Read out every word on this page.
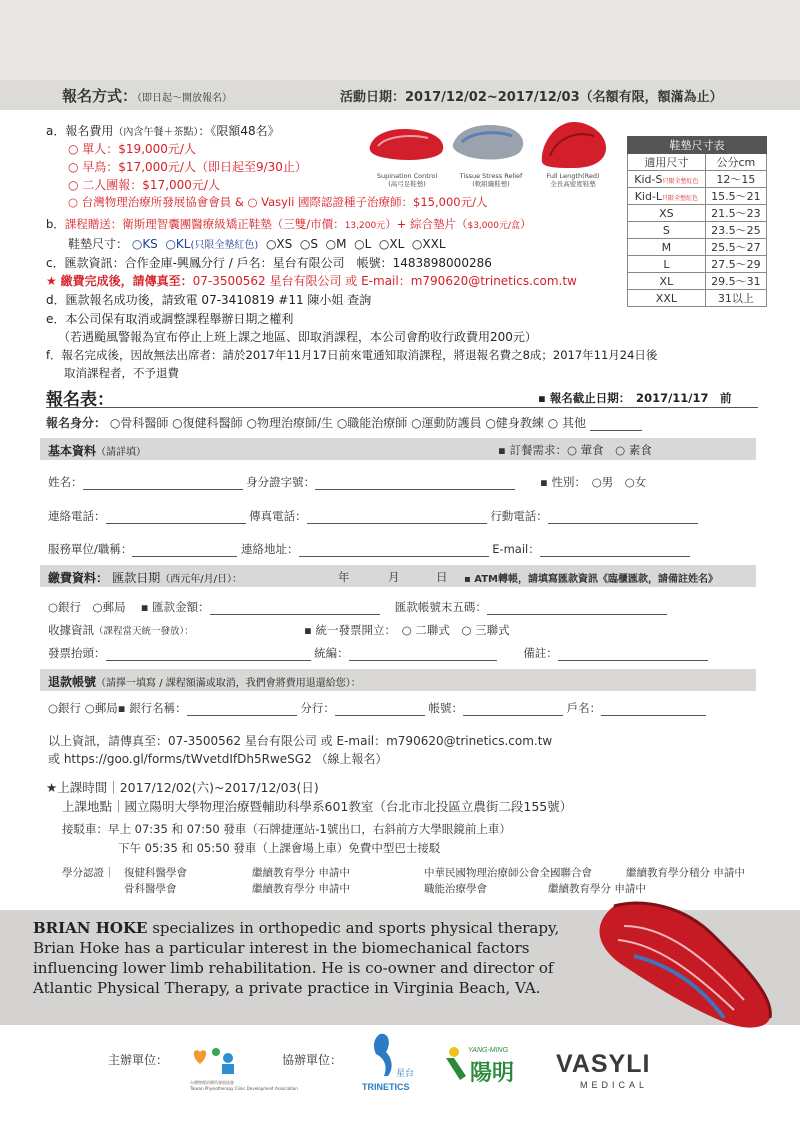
報名方式：（即日起～開放報名）	活動日期：2017/12/02~2017/12/03（名額有限，額滿為止）
a．報名費用（內含午餐＋茶點）：《限額48名》
○ 單人：$19,000元/人
○ 早鳥：$17,000元/人（即日起至9/30止）
○ 二人團報：$17,000元/人
○ 台灣物理治療所發展協會會員 & ○ Vasyli 國際認證種子治療師：$15,000元/人
Supination Control
(高弓足鞋墊)
Tissue Stress Relief
(軟組織鞋墊)
Full Length(Red)
全長高密度鞋墊
鞋墊尺寸表	
適用尺寸	公分cm
Kid-S只限全墊紅色	12～15
Kid-L只限全墊紅色	15.5～21
XS	21.5～23
S	23.5～25
M	25.5～27
L	27.5～29
XL	29.5～31
XXL	31以上
b．課程贈送：衛斯理智囊團醫療級矯正鞋墊（三雙/市價：13,200元）+ 綜合墊片（$3,000元/盒）
鞋墊尺寸： ○KS ○KL(只限全墊紅色) ○XS ○S ○M ○L ○XL ○XXL
c．匯款資訊：合作金庫-興鳳分行 / 戶名：星台有限公司　帳號：1483898000286
★ 繳費完成後，請傳真至：07-3500562 星台有限公司 或 E-mail：m790620@trinetics.com.tw
d．匯款報名成功後，請致電 07-3410819 #11 陳小姐 查詢
e．本公司保有取消或調整課程舉辦日期之權利
（若遇颱風警報為宣布停止上班上課之地區、即取消課程，本公司會酌收行政費用200元）
f．報名完成後，因故無法出席者：請於2017年11月17日前來電通知取消課程，將退報名費之8成；2017年11月24日後
取消課程者，不予退費
報名表：	▪ 報名截止日期：　2017/11/17　前
報名身分： ○骨科醫師 ○復健科醫師 ○物理治療師/生 ○職能治療師 ○運動防護員 ○健身教練 ○ 其他
基本資料（請詳填）	▪ 訂餐需求：○ 葷食　○ 素食
姓名：	身分證字號：	▪ 性別：　○男　○女
連絡電話：	傳真電話：	行動電話：
服務單位/職稱：	連絡地址：	E-mail：
繳費資料： 匯款日期（西元年/月/日）：	年	月	日 ▪ ATM轉帳，請填寫匯款資訊《臨櫃匯款，請備註姓名》
○銀行　○郵局 　▪ 匯款金額： 　	匯款帳號末五碼：
收據資訊（課程當天統一發放）：	▪ 統一發票開立：　○ 二聯式　○ 三聯式
發票抬頭：	統編： 　　	備註：
退款帳號（請擇一填寫 / 課程額滿或取消，我們會將費用退還給您）：
○銀行 ○郵局▪ 銀行名稱：	分行：	帳號：	戶名：
以上資訊，請傳真至：07-3500562 星台有限公司 或 E-mail：m790620@trinetics.com.tw
或 https://goo.gl/forms/tWvetdIfDh5RweSG2 （線上報名）
★上課時間｜2017/12/02(六)~2017/12/03(日)
上課地點｜國立陽明大學物理治療暨輔助科學系601教室（台北市北投區立農街二段155號）
接駁車：早上 07:35 和 07:50 發車（石牌捷運站-1號出口，右斜前方大學眼鏡前上車）
下午 05:35 和 05:50 發車（上課會場上車）免費中型巴士接駁
學分認證｜ 復健科醫學會	繼續教育學分 申請中	中華民國物理治療師公會全國聯合會	繼續教育學分積分 申請中
骨科醫學會	繼續教育學分 申請中	職能治療學會	繼續教育學分 申請中
BRIAN HOKE specializes in orthopedic and sports physical therapy, Brian Hoke has a particular interest in the biomechanical factors influencing lower limb rehabilitation. He is co-owner and director of Atlantic Physical Therapy, a private practice in Virginia Beach, VA.
主辦單位：
台灣物理治療所發展協會
Taiwan Physiotherapy Clinic Development Association
協辦單位：
星台
TRINETICS
YANG-MING
陽明 VASYLI
MEDICAL
